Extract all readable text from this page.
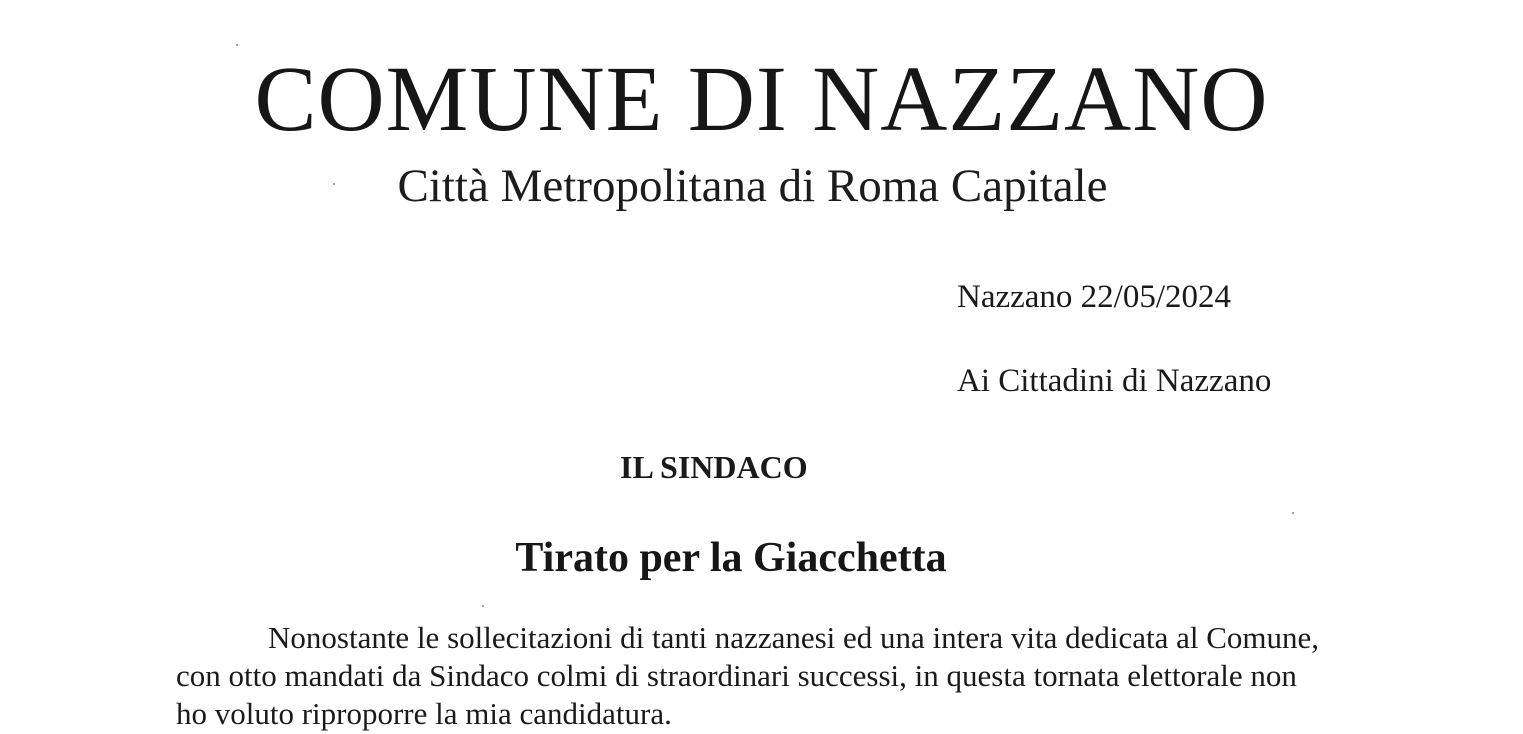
COMUNE DI NAZZANO
Città Metropolitana di Roma Capitale
Nazzano 22/05/2024
Ai Cittadini di Nazzano
IL SINDACO
Tirato per la Giacchetta

Nonostante le sollecitazioni di tanti nazzanesi ed una intera vita dedicata al Comune,
con otto mandati da Sindaco colmi di straordinari successi, in questa tornata elettorale non
ho voluto riproporre la mia candidatura.
